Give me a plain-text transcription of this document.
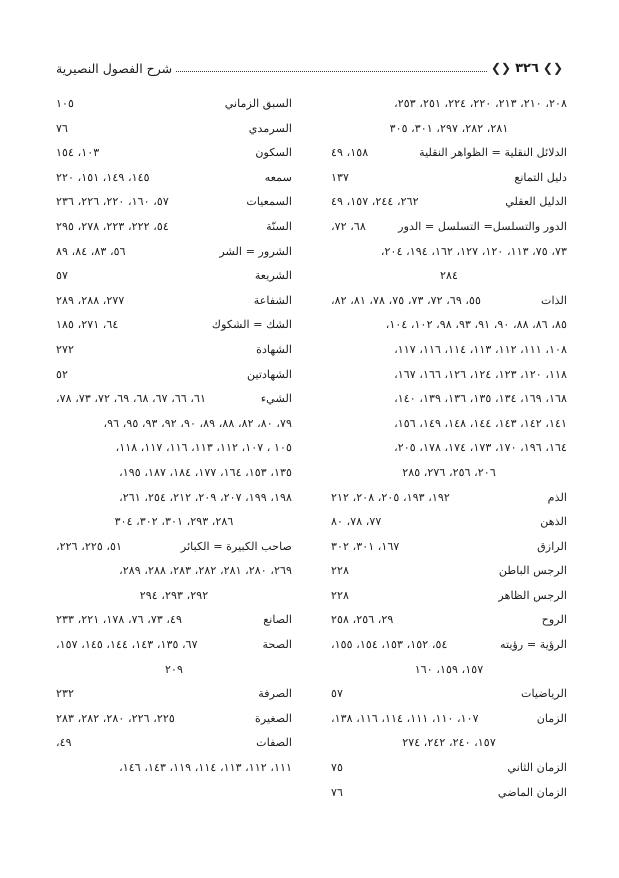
❮❯
٣٢٦
❮❯
شرح الفصول النصيرية
٢٠٨، ٢١٠، ٢١٣، ٢٢٠، ٢٢٤، ٢٥١، ٢٥٣،
٢٨١، ٢٨٢، ٢٩٧، ٣٠١، ٣٠٥
الدلائل النقلية = الظواهر النقلية
١٥٨، ٤٩
دليل التمانع
١٣٧
الدليل العقلي
٢٦٢، ٢٤٤، ١٥٧، ٤٩
الدور والتسلسل= التسلسل = الدور
٦٨، ٧٢،
٧٣، ٧٥، ١١٣، ١٢٠، ١٢٧، ١٦٢، ١٩٤، ٢٠٤،
٢٨٤
الذات
٥٥، ٦٩، ٧٢، ٧٣، ٧٥، ٧٨، ٨١، ٨٢،
٨٥، ٨٦، ٨٨، ٩٠، ٩١، ٩٣، ٩٨، ١٠٢، ١٠٤،
١٠٨، ١١١، ١١٢، ١١٣، ١١٤، ١١٦، ١١٧،
١١٨، ١٢٠، ١٢٣، ١٢٤، ١٢٦، ١٦٦، ١٦٧،
١٦٨، ١٦٩، ١٣٤، ١٣٥، ١٣٦، ١٣٩، ١٤٠،
١٤١، ١٤٢، ١٤٣، ١٤٤، ١٤٨، ١٤٩، ١٥٦،
١٦٤، ١٩٦، ١٧٠، ١٧٣، ١٧٤، ١٧٨، ٢٠٥،
٢٠٦، ٢٥٦، ٢٧٦، ٢٨٥
الذم
١٩٢، ١٩٣، ٢٠٥، ٢٠٨، ٢١٢
الذهن
٧٧، ٧٨، ٨٠
الرازق
١٦٧، ٣٠١، ٣٠٢
الرجس الباطن
٢٢٨
الرجس الظاهر
٢٢٨
الروح
٢٩، ٢٥٦، ٢٥٨
الرؤية = رؤيته
٥٤، ١٥٢، ١٥٣، ١٥٤، ١٥٥،
١٥٧، ١٥٩، ١٦٠
الرياضيات
٥٧
الزمان
١٠٧، ١١٠، ١١١، ١١٤، ١١٦، ١٣٨،
١٥٧، ٢٤٠، ٢٤٢، ٢٧٤
الزمان الثاني
٧٥
الزمان الماضي
٧٦
السبق الزماني
١٠٥
السرمدي
٧٦
السكون
١٠٣، ١٥٤
سمعه
١٤٥، ١٤٩، ١٥١، ٢٢٠
السمعيات
٥٧، ١٦٠، ٢٢٠، ٢٢٦، ٢٣٦
السنّة
٥٤، ٢٢٢، ٢٢٣، ٢٧٨، ٢٩٥
الشرور = الشر
٥٦، ٨٣، ٨٤، ٨٩
الشريعة
٥٧
الشفاعة
٢٧٧، ٢٨٨، ٢٨٩
الشك = الشكوك
٦٤، ٢٧١، ١٨٥
الشهادة
٢٧٢
الشهادتين
٥٢
الشيء
٦١، ٦٦، ٦٧، ٦٨، ٦٩، ٧٢، ٧٣، ٧٨،
٧٩، ٨٠، ٨٢، ٨٨، ٨٩، ٩٠، ٩٢، ٩٣، ٩٥، ٩٦،
١٠٥ ، ١٠٧، ١١٢، ١١٣، ١١٦، ١١٧، ١١٨،
١٣٥، ١٥٣، ١٦٤، ١٧٧، ١٨٤، ١٨٧، ١٩٥،
١٩٨، ١٩٩، ٢٠٧، ٢٠٩، ٢١٢، ٢٥٤، ٢٦١،
٢٨٦، ٢٩٣، ٣٠١، ٣٠٢، ٣٠٤
صاحب الكبيرة = الكبائر
٥١، ٢٢٥، ٢٢٦،
٢٦٩، ٢٨٠، ٢٨١، ٢٨٢، ٢٨٣، ٢٨٨، ٢٨٩،
٢٩٢، ٢٩٣، ٢٩٤
الصانع
٤٩، ٧٣، ٧٦، ١٧٨، ٢٢١، ٢٣٣
الصحة
٦٧، ١٣٥، ١٤٣، ١٤٤، ١٤٥، ١٥٧،
٢٠٩
الصرفة
٢٣٢
الصغيرة
٢٢٥، ٢٢٦، ٢٨٠، ٢٨٢، ٢٨٣
الصفات
٤٩،
١١١، ١١٢، ١١٣، ١١٤، ١١٩، ١٤٣، ١٤٦،
